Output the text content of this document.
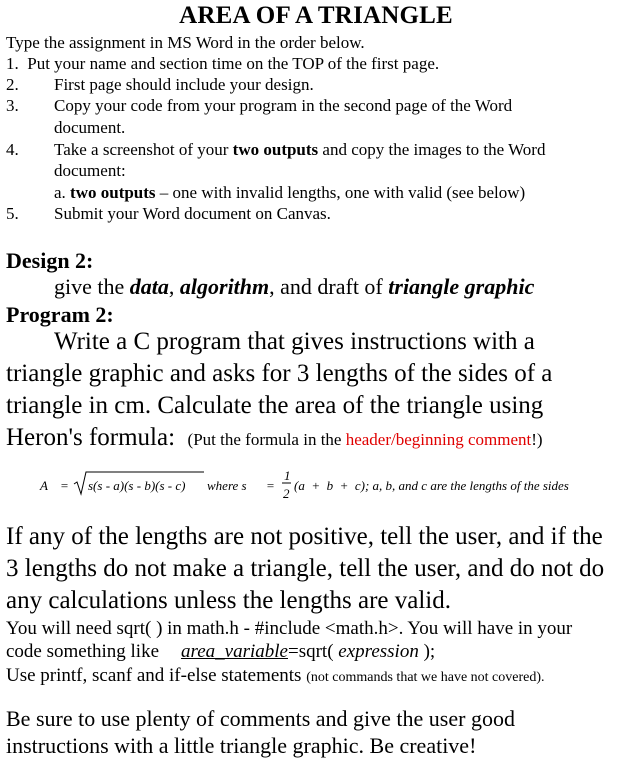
AREA OF A TRIANGLE
Type the assignment in MS Word in the order below.
1. Put your name and section time on the TOP of the first page.
2. First page should include your design.
3. Copy your code from your program in the second page of the Word
document.
4. Take a screenshot of your two outputs and copy the images to the Word
document:
a. two outputs – one with invalid lengths, one with valid (see below)
5. Submit your Word document on Canvas.
Design 2:
give the data, algorithm, and draft of triangle graphic
Program 2:
Write a C program that gives instructions with a
triangle graphic and asks for 3 lengths of the sides of a
triangle in cm. Calculate the area of the triangle using
Heron's formula: (Put the formula in the header/beginning comment!)
A = s(s - a)(s - b)(s - c) where s =
1
2
(a  +  b  +  c); a, b, and c are the lengths of the sides
If any of the lengths are not positive, tell the user, and if the
3 lengths do not make a triangle, tell the user, and do not do
any calculations unless the lengths are valid.
You will need sqrt( ) in math.h - #include <math.h>. You will have in your
code something like area_variable=sqrt( expression );
Use printf, scanf and if-else statements (not commands that we have not covered).
Be sure to use plenty of comments and give the user good
instructions with a little triangle graphic. Be creative!
